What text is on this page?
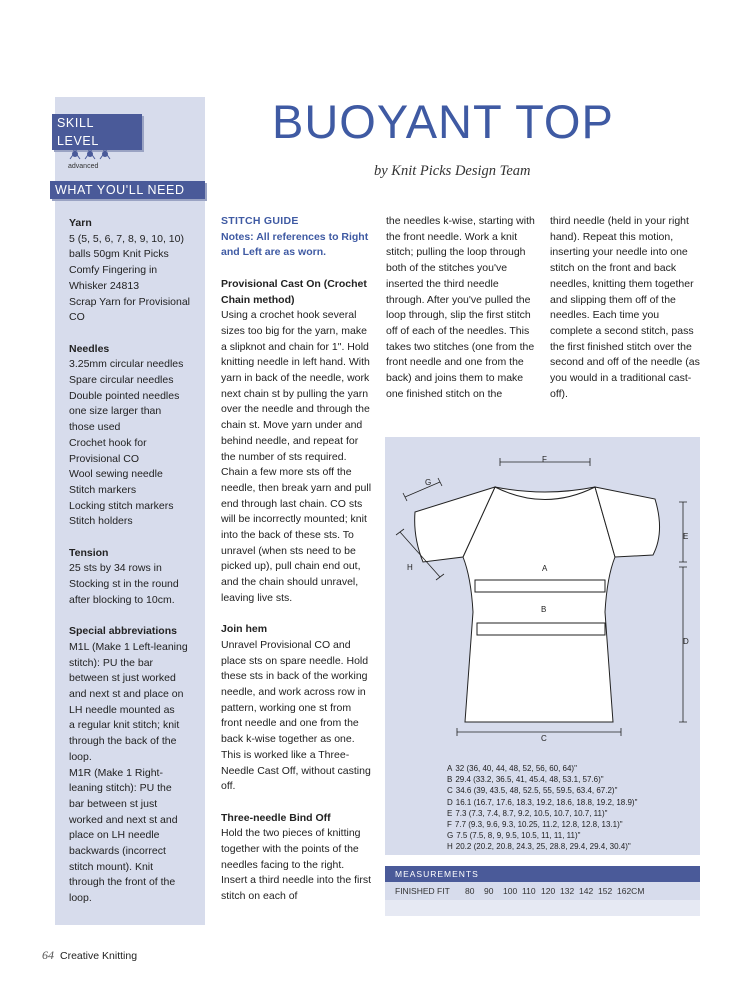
SKILL LEVEL
advanced
WHAT YOU'LL NEED
Yarn

5 (5, 5, 6, 7, 8, 9, 10, 10)
balls 50gm Knit Picks
Comfy Fingering in
Whisker 24813
Scrap Yarn for Provisional
CO

Needles

3.25mm circular needles
Spare circular needles
Double pointed needles
one size larger than
those used
Crochet hook for
Provisional CO
Wool sewing needle
Stitch markers
Locking stitch markers
Stitch holders

Tension

25 sts by 34 rows in
Stocking st in the round
after blocking to 10cm.

Special abbreviations

M1L (Make 1 Left-leaning
stitch): PU the bar
between st just worked
and next st and place on
LH needle mounted as
a regular knit stitch; knit
through the back of the
loop.
M1R (Make 1 Right-
leaning stitch): PU the
bar between st just
worked and next st and
place on LH needle
backwards (incorrect
stitch mount). Knit
through the front of the
loop.

BUOYANT TOP
by Knit Picks Design Team

STITCH GUIDE

Notes: All references to Right and Left are as worn.

Provisional Cast On (Crochet Chain method)

Using a crochet hook several sizes too big for the yarn, make a slipknot and chain for 1". Hold knitting needle in left hand. With yarn in back of the needle, work next chain st by pulling the yarn over the needle and through the chain st. Move yarn under and behind needle, and repeat for the number of sts required. Chain a few more sts off the needle, then break yarn and pull end through last chain. CO sts will be incorrectly mounted; knit into the back of these sts. To unravel (when sts need to be picked up), pull chain end out, and the chain should unravel, leaving live sts.

Join hem

Unravel Provisional CO and place sts on spare needle. Hold these sts in back of the working needle, and work across row in pattern, working one st from front needle and one from the back k-wise together as one. This is worked like a Three-Needle Cast Off, without casting off.

Three-needle Bind Off

Hold the two pieces of knitting together with the points of the needles facing to the right. Insert a third needle into the first stitch on each of

the needles k-wise, starting with the front needle. Work a knit stitch; pulling the loop through both of the stitches you've inserted the third needle through. After you've pulled the loop through, slip the first stitch off of each of the needles. This takes two stitches (one from the front needle and one from the back) and joins them to make one finished stitch on the

third needle (held in your right hand). Repeat this motion, inserting your needle into one stitch on the front and back needles, knitting them together and slipping them off of the needles. Each time you complete a second stitch, pass the first finished stitch over the second and off of the needle (as you would in a traditional cast-off).

F
G
H	A
B
E
D
C
A 32 (36, 40, 44, 48, 52, 56, 60, 64)"
B 29.4 (33.2, 36.5, 41, 45.4, 48, 53.1, 57.6)"
C 34.6 (39, 43.5, 48, 52.5, 55, 59.5, 63.4, 67.2)"
D 16.1 (16.7, 17.6, 18.3, 19.2, 18.6, 18.8, 19.2, 18.9)"
E 7.3 (7.3, 7.4, 8.7, 9.2, 10.5, 10.7, 10.7, 11)"
F 7.7 (9.3, 9.6, 9.3, 10.25, 11.2, 12.8, 12.8, 13.1)"
G 7.5 (7.5, 8, 9, 9.5, 10.5, 11, 11, 11)"
H 20.2 (20.2, 20.8, 24.3, 25, 28.8, 29.4, 29.4, 30.4)"
MEASUREMENTS
FINISHED FIT	80	90	100 110 120 132 142 152 162CM
64 Creative Knitting
